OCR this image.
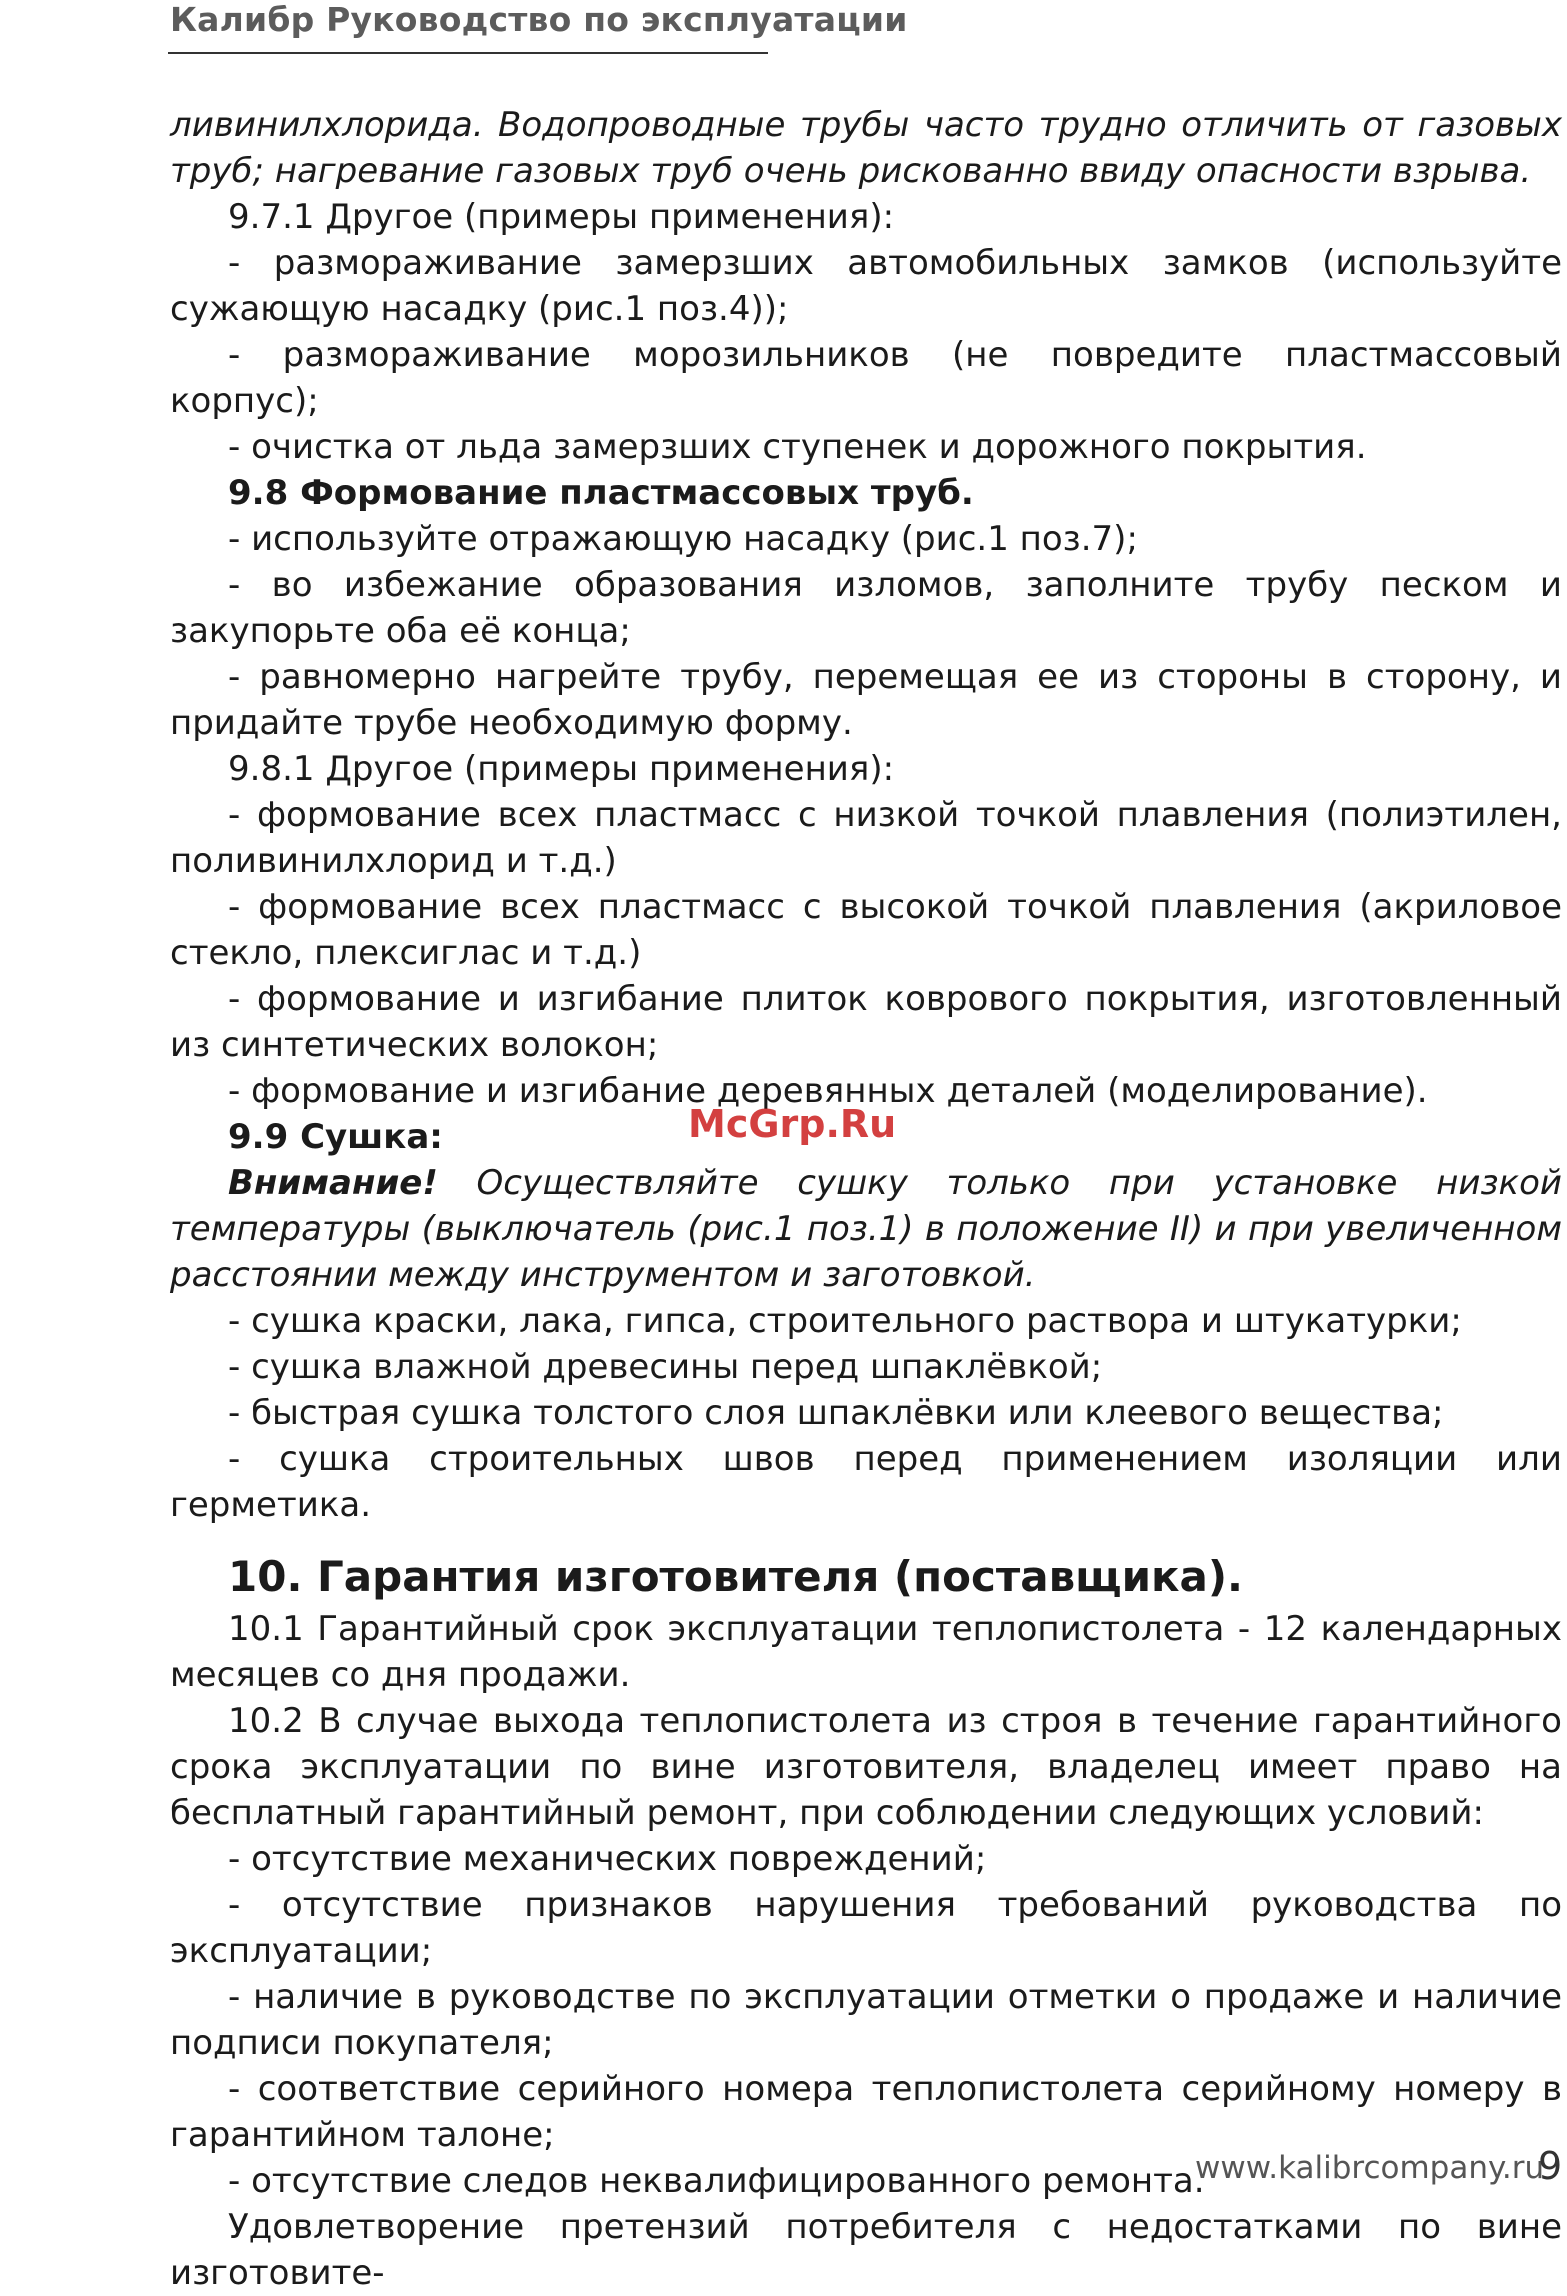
Калибр Руководство по эксплуатации

ливинилхлорида. Водопроводные трубы часто трудно отличить от газовых труб; нагревание газовых труб очень рискованно ввиду опасности взрыва.

9.7.1 Другое (примеры применения):

- размораживание замерзших автомобильных замков (используйте сужающую насадку (рис.1 поз.4));

- размораживание морозильников (не повредите пластмассовый корпус);

- очистка от льда замерзших ступенек и дорожного покрытия.

9.8 Формование пластмассовых труб.

- используйте отражающую насадку (рис.1 поз.7);

- во избежание образования изломов, заполните трубу песком и закупорьте оба её конца;

- равномерно нагрейте трубу, перемещая ее из стороны в сторону, и придайте трубе необходимую форму.

9.8.1 Другое (примеры применения):

- формование всех пластмасс с низкой точкой плавления (полиэтилен, поливинилхлорид и т.д.)

- формование всех пластмасс с высокой точкой плавления (акриловое стекло, плексиглас и т.д.)

- формование и изгибание плиток коврового покрытия, изготовленный из синтетических волокон;

- формование и изгибание деревянных деталей (моделирование).

9.9 Сушка:

Внимание! Осуществляйте сушку только при установке низкой температуры (выключатель (рис.1 поз.1) в положение II) и при увеличенном расстоянии между инструментом и заготовкой.

- сушка краски, лака, гипса, строительного раствора и штукатурки;

- сушка влажной древесины перед шпаклёвкой;

- быстрая сушка толстого слоя шпаклёвки или клеевого вещества;

- сушка строительных швов перед применением изоляции или герметика.

10. Гарантия изготовителя (поставщика).

10.1 Гарантийный срок эксплуатации теплопистолета - 12 календарных месяцев со дня продажи.

10.2 В случае выхода теплопистолета из строя в течение гарантийного срока эксплуатации по вине изготовителя, владелец имеет право на бесплатный гарантийный ремонт, при соблюдении следующих условий:

- отсутствие механических повреждений;

- отсутствие признаков нарушения требований руководства по эксплуатации;

- наличие в руководстве по эксплуатации отметки о продаже и наличие подписи покупателя;

- соответствие серийного номера теплопистолета серийному номеру в гарантийном талоне;

- отсутствие следов неквалифицированного ремонта.

Удовлетворение претензий потребителя с недостатками по вине изготовите-

McGrp.Ru
www.kalibrcompany.ru
9
